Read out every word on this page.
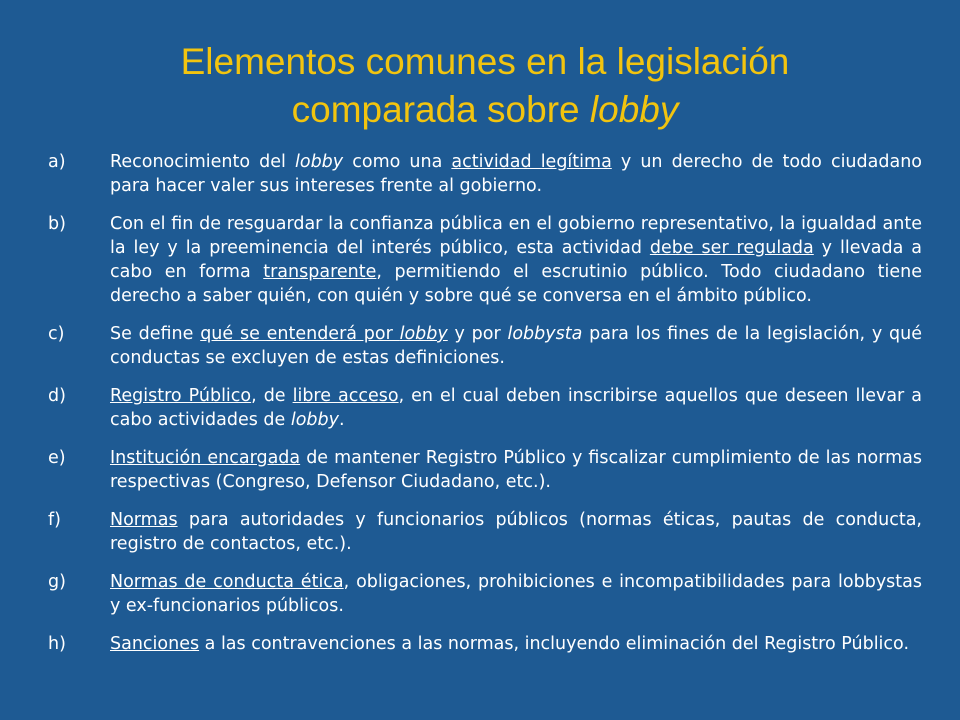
Elementos comunes en la legislación
comparada sobre lobby
a)	Reconocimiento del lobby como una actividad legítima y un derecho de todo ciudadano para hacer valer sus intereses frente al gobierno.
b)	Con el fin de resguardar la confianza pública en el gobierno representativo, la igualdad ante la ley y la preeminencia del interés público, esta actividad debe ser regulada y llevada a cabo en forma transparente, permitiendo el escrutinio público. Todo ciudadano tiene derecho a saber quién, con quién y sobre qué se conversa en el ámbito público.
c)	Se define qué se entenderá por lobby y por lobbysta para los fines de la legislación, y qué conductas se excluyen de estas definiciones.
d)	Registro Público, de libre acceso, en el cual deben inscribirse aquellos que deseen llevar a cabo actividades de lobby.
e)	Institución encargada de mantener Registro Público y fiscalizar cumplimiento de las normas respectivas (Congreso, Defensor Ciudadano, etc.).
f)	Normas para autoridades y funcionarios públicos (normas éticas, pautas de conducta, registro de contactos, etc.).
g)	Normas de conducta ética, obligaciones, prohibiciones e incompatibilidades para lobbystas y ex-funcionarios públicos.
h)	Sanciones a las contravenciones a las normas, incluyendo eliminación del Registro Público.
